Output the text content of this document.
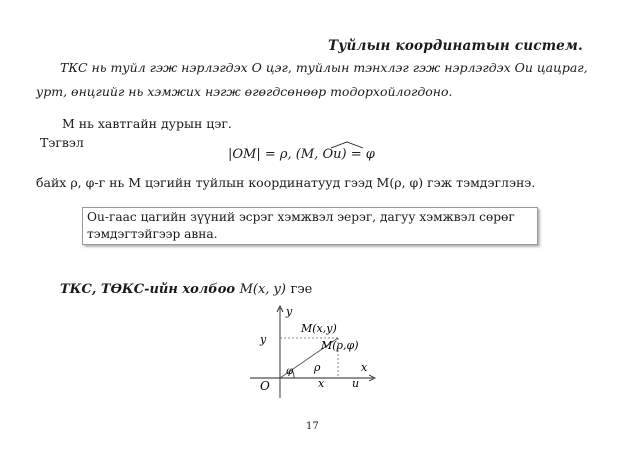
Туйлын координатын систем.
ТКС нь туйл гэж нэрлэгдэх O цэг, туйлын тэнхлэг гэж нэрлэгдэх Ou цацраг,
урт, өнцгийг нь хэмжих нэгж өгөгдсөнөөр тодорхойлогдоно.
M нь хавтгайн дурын цэг.
Тэгвэл
|OM| = ρ, (M, Ou) = φ
байх ρ, φ-г нь М цэгийн туйлын координатууд гээд M(ρ, φ) гэж тэмдэглэнэ.
Ou-гаас цагийн зүүний эсрэг хэмжвэл эерэг, дагуу хэмжвэл сөрөг
тэмдэгтэйгээр авна.
ТКС, ТӨКС-ийн холбоо M(x, y) гэе
y
y
M(x,y)
M(ρ,φ)
φ ρ	x
x	u
O
17
